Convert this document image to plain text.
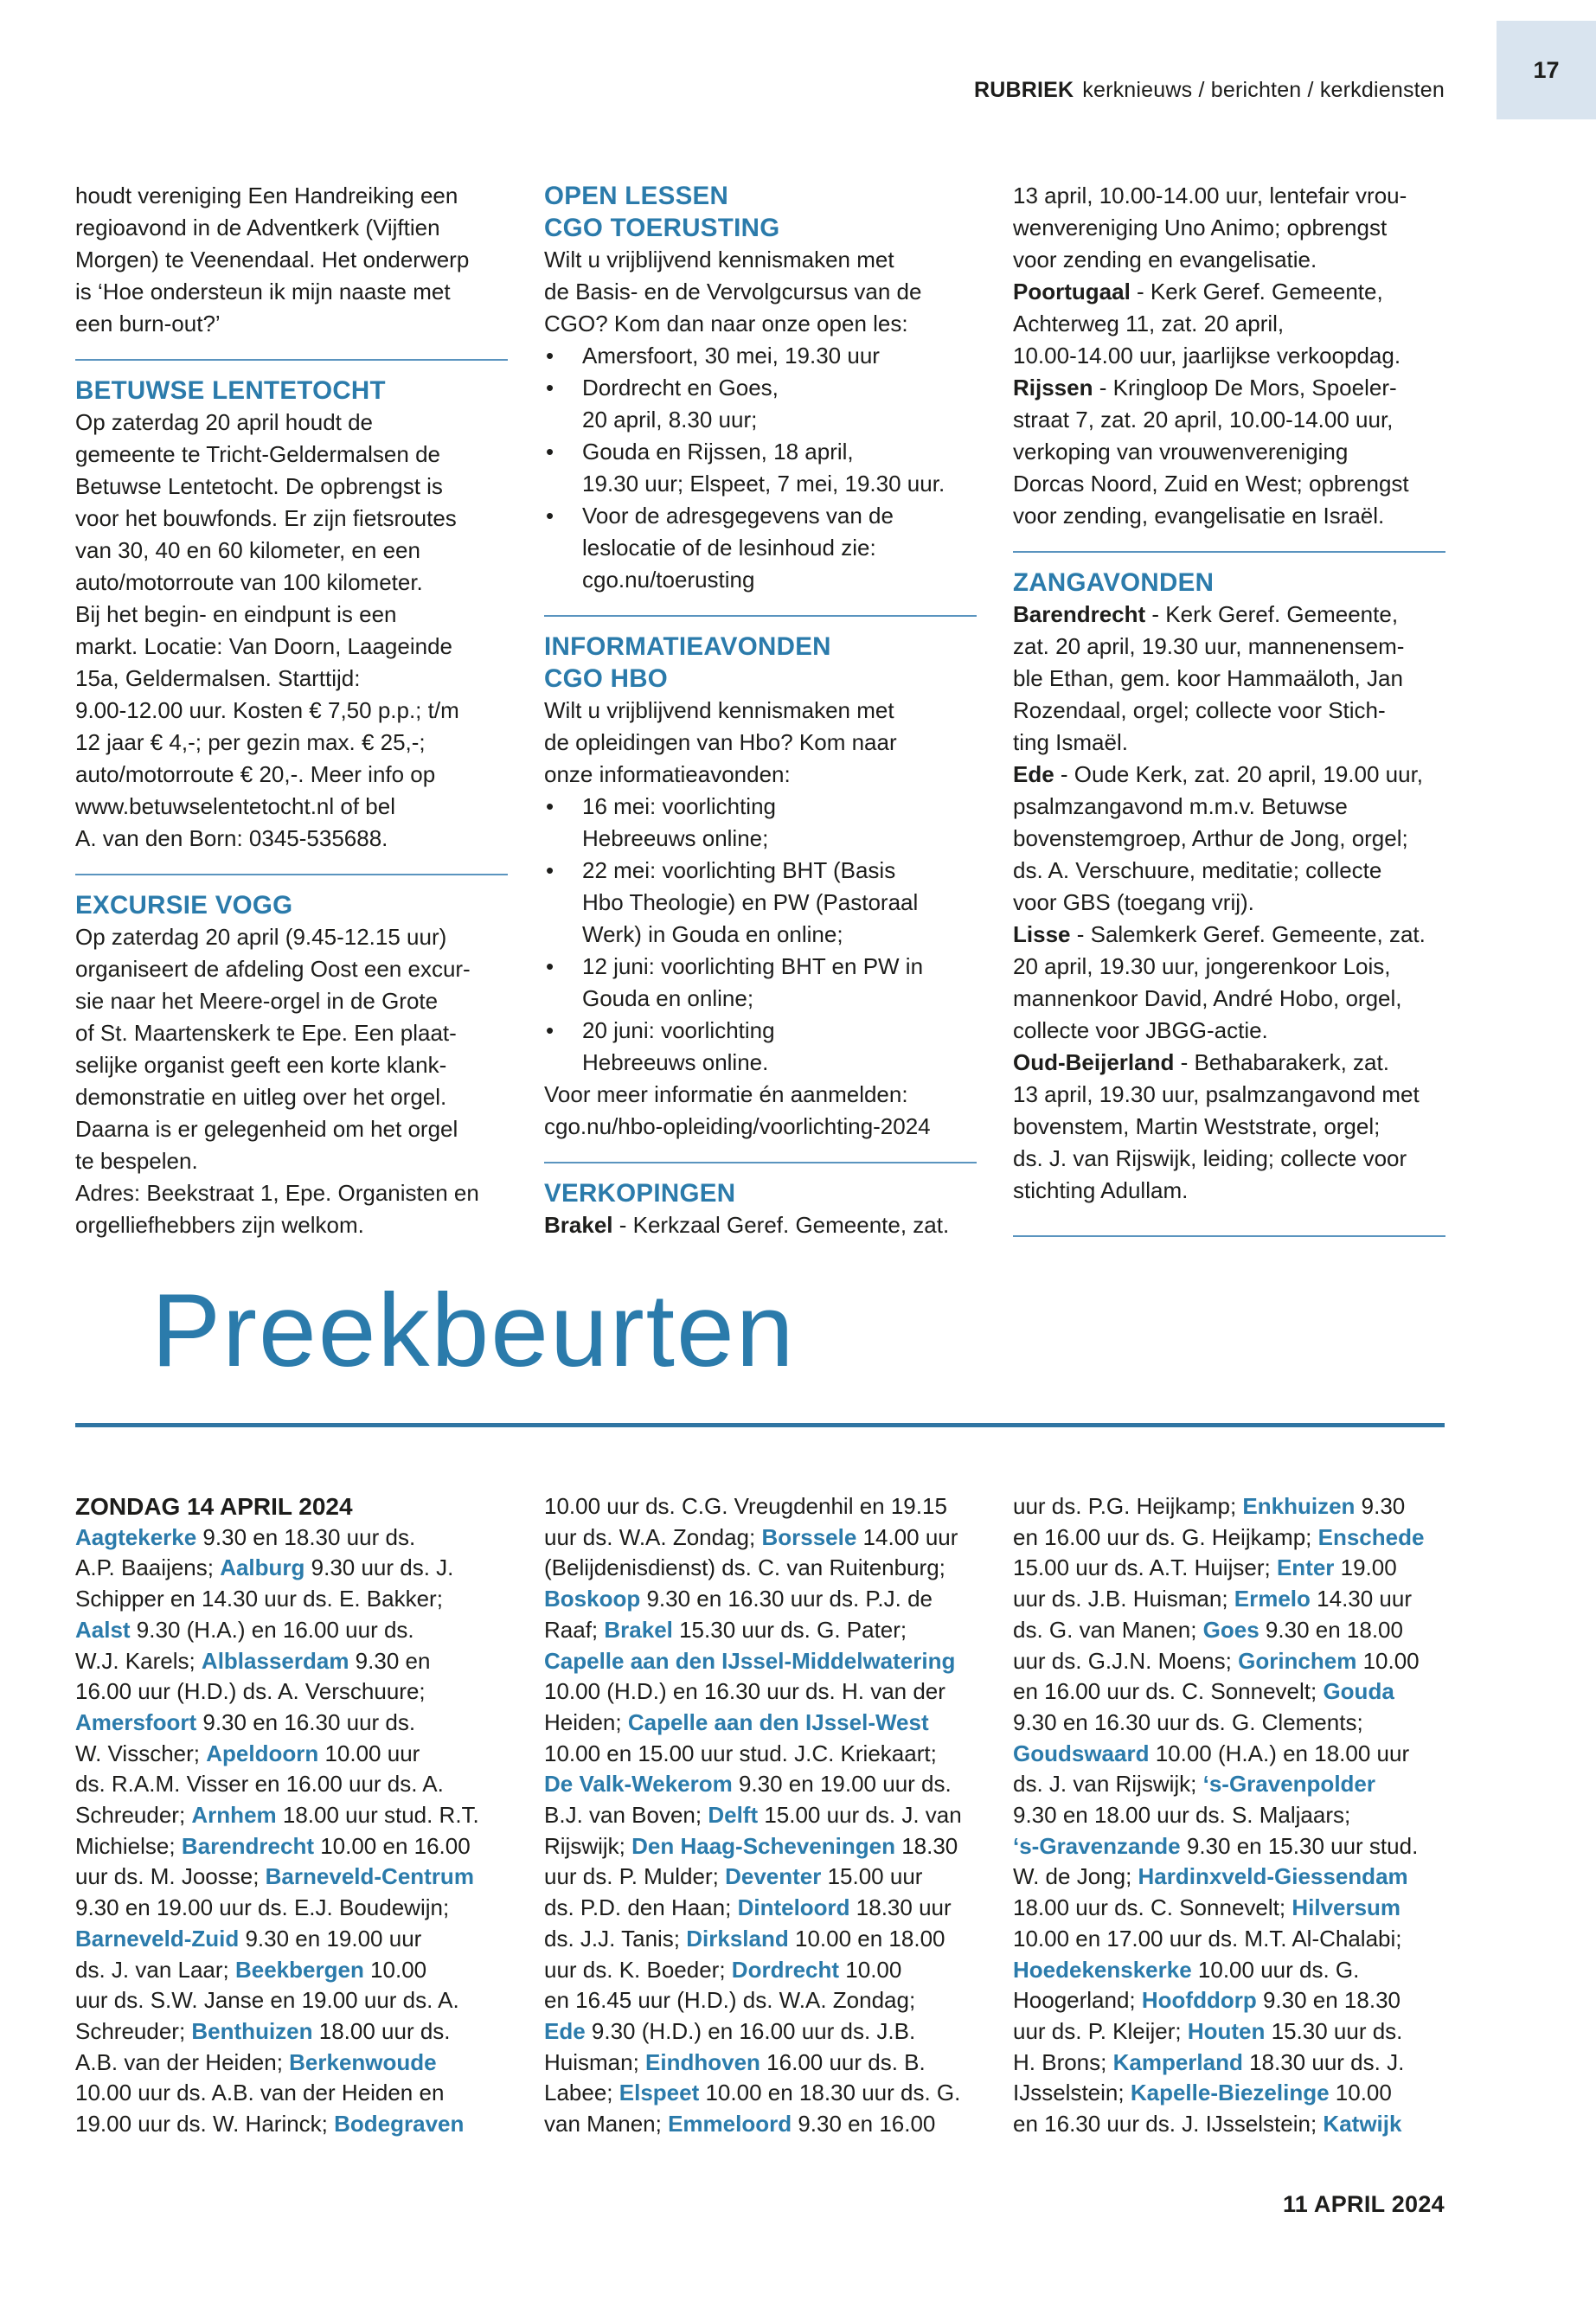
RUBRIEK kerknieuws / berichten / kerkdiensten
17

houdt vereniging Een Handreiking een

regioavond in de Adventkerk (Vijftien

Morgen) te Veenendaal. Het onderwerp

is ‘Hoe ondersteun ik mijn naaste met

een burn-out?’

BETUWSE LENTETOCHT

Op zaterdag 20 april houdt de

gemeente te Tricht-Geldermalsen de

Betuwse Lentetocht. De opbrengst is

voor het bouwfonds. Er zijn fietsroutes

van 30, 40 en 60 kilometer, en een

auto/motorroute van 100 kilometer.

Bij het begin- en eindpunt is een

markt. Locatie: Van Doorn, Laageinde

15a, Geldermalsen. Starttijd:

9.00-12.00 uur. Kosten € 7,50 p.p.; t/m

12 jaar € 4,-; per gezin max. € 25,-;

auto/motorroute € 20,-. Meer info op

www.betuwselentetocht.nl of bel

A. van den Born: 0345-535688.

EXCURSIE VOGG

Op zaterdag 20 april (9.45-12.15 uur)

organiseert de afdeling Oost een excur-

sie naar het Meere-orgel in de Grote

of St. Maartenskerk te Epe. Een plaat-

selijke organist geeft een korte klank-

demonstratie en uitleg over het orgel.

Daarna is er gelegenheid om het orgel

te bespelen.

Adres: Beekstraat 1, Epe. Organisten en

orgelliefhebbers zijn welkom.

OPEN LESSEN
CGO TOERUSTING

Wilt u vrijblijvend kennismaken met

de Basis- en de Vervolgcursus van de

CGO? Kom dan naar onze open les:

• Amersfoort, 30 mei, 19.30 uur
• Dordrecht en Goes,
20 april, 8.30 uur;
• Gouda en Rijssen, 18 april,
19.30 uur; Elspeet, 7 mei, 19.30 uur.
• Voor de adresgegevens van de
leslocatie of de lesinhoud zie:
cgo.nu/toerusting
INFORMATIEAVONDEN
CGO HBO

Wilt u vrijblijvend kennismaken met

de opleidingen van Hbo? Kom naar

onze informatieavonden:

• 16 mei: voorlichting
Hebreeuws online;
• 22 mei: voorlichting BHT (Basis
Hbo Theologie) en PW (Pastoraal
Werk) in Gouda en online;
• 12 juni: voorlichting BHT en PW in
Gouda en online;
• 20 juni: voorlichting
Hebreeuws online.

Voor meer informatie én aanmelden:

cgo.nu/hbo-opleiding/voorlichting-2024

VERKOPINGEN

Brakel - Kerkzaal Geref. Gemeente, zat.

13 april, 10.00-14.00 uur, lentefair vrou-

wenvereniging Uno Animo; opbrengst

voor zending en evangelisatie.

Poortugaal - Kerk Geref. Gemeente,

Achterweg 11, zat. 20 april,

10.00-14.00 uur, jaarlijkse verkoopdag.

Rijssen - Kringloop De Mors, Spoeler-

straat 7, zat. 20 april, 10.00-14.00 uur,

verkoping van vrouwenvereniging

Dorcas Noord, Zuid en West; opbrengst

voor zending, evangelisatie en Israël.

ZANGAVONDEN

Barendrecht - Kerk Geref. Gemeente,

zat. 20 april, 19.30 uur, mannenensem-

ble Ethan, gem. koor Hammaäloth, Jan

Rozendaal, orgel; collecte voor Stich-

ting Ismaël.

Ede - Oude Kerk, zat. 20 april, 19.00 uur,

psalmzangavond m.m.v. Betuwse

bovenstemgroep, Arthur de Jong, orgel;

ds. A. Verschuure, meditatie; collecte

voor GBS (toegang vrij).

Lisse - Salemkerk Geref. Gemeente, zat.

20 april, 19.30 uur, jongerenkoor Lois,

mannenkoor David, André Hobo, orgel,

collecte voor JBGG-actie.

Oud-Beijerland - Bethabarakerk, zat.

13 april, 19.30 uur, psalmzangavond met

bovenstem, Martin Weststrate, orgel;

ds. J. van Rijswijk, leiding; collecte voor

stichting Adullam.

Preekbeurten

ZONDAG 14 APRIL 2024

Aagtekerke 9.30 en 18.30 uur ds.

A.P. Baaijens; Aalburg 9.30 uur ds. J.

Schipper en 14.30 uur ds. E. Bakker;

Aalst 9.30 (H.A.) en 16.00 uur ds.

W.J. Karels; Alblasserdam 9.30 en

16.00 uur (H.D.) ds. A. Verschuure;

Amersfoort 9.30 en 16.30 uur ds.

W. Visscher; Apeldoorn 10.00 uur

ds. R.A.M. Visser en 16.00 uur ds. A.

Schreuder; Arnhem 18.00 uur stud. R.T.

Michielse; Barendrecht 10.00 en 16.00

uur ds. M. Joosse; Barneveld-Centrum

9.30 en 19.00 uur ds. E.J. Boudewijn;

Barneveld-Zuid 9.30 en 19.00 uur

ds. J. van Laar; Beekbergen 10.00

uur ds. S.W. Janse en 19.00 uur ds. A.

Schreuder; Benthuizen 18.00 uur ds.

A.B. van der Heiden; Berkenwoude

10.00 uur ds. A.B. van der Heiden en

19.00 uur ds. W. Harinck; Bodegraven

10.00 uur ds. C.G. Vreugdenhil en 19.15

uur ds. W.A. Zondag; Borssele 14.00 uur

(Belijdenisdienst) ds. C. van Ruitenburg;

Boskoop 9.30 en 16.30 uur ds. P.J. de

Raaf; Brakel 15.30 uur ds. G. Pater;

Capelle aan den IJssel-Middelwatering

10.00 (H.D.) en 16.30 uur ds. H. van der

Heiden; Capelle aan den IJssel-West

10.00 en 15.00 uur stud. J.C. Kriekaart;

De Valk-Wekerom 9.30 en 19.00 uur ds.

B.J. van Boven; Delft 15.00 uur ds. J. van

Rijswijk; Den Haag-Scheveningen 18.30

uur ds. P. Mulder; Deventer 15.00 uur

ds. P.D. den Haan; Dinteloord 18.30 uur

ds. J.J. Tanis; Dirksland 10.00 en 18.00

uur ds. K. Boeder; Dordrecht 10.00

en 16.45 uur (H.D.) ds. W.A. Zondag;

Ede 9.30 (H.D.) en 16.00 uur ds. J.B.

Huisman; Eindhoven 16.00 uur ds. B.

Labee; Elspeet 10.00 en 18.30 uur ds. G.

van Manen; Emmeloord 9.30 en 16.00

uur ds. P.G. Heijkamp; Enkhuizen 9.30

en 16.00 uur ds. G. Heijkamp; Enschede

15.00 uur ds. A.T. Huijser; Enter 19.00

uur ds. J.B. Huisman; Ermelo 14.30 uur

ds. G. van Manen; Goes 9.30 en 18.00

uur ds. G.J.N. Moens; Gorinchem 10.00

en 16.00 uur ds. C. Sonnevelt; Gouda

9.30 en 16.30 uur ds. G. Clements;

Goudswaard 10.00 (H.A.) en 18.00 uur

ds. J. van Rijswijk; ‘s-Gravenpolder

9.30 en 18.00 uur ds. S. Maljaars;

‘s-Gravenzande 9.30 en 15.30 uur stud.

W. de Jong; Hardinxveld-Giessendam

18.00 uur ds. C. Sonnevelt; Hilversum

10.00 en 17.00 uur ds. M.T. Al-Chalabi;

Hoedekenskerke 10.00 uur ds. G.

Hoogerland; Hoofddorp 9.30 en 18.30

uur ds. P. Kleijer; Houten 15.30 uur ds.

H. Brons; Kamperland 18.30 uur ds. J.

IJsselstein; Kapelle-Biezelinge 10.00

en 16.30 uur ds. J. IJsselstein; Katwijk

11 APRIL 2024
